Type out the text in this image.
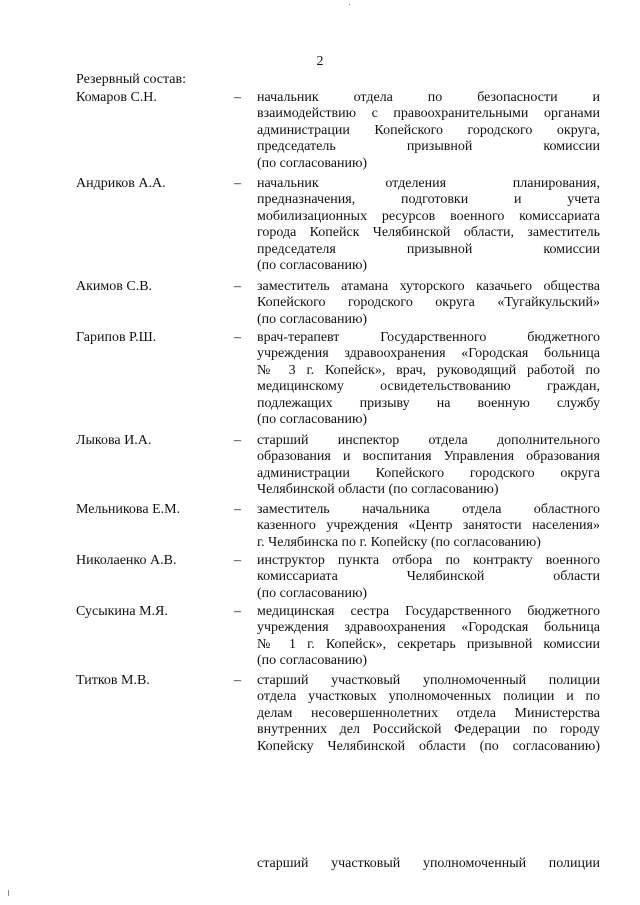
2
Резервный состав:
Комаров С.Н.	– начальник отдела по безопасности и
взаимодействию с правоохранительными органами
администрации Копейского городского округа,
председатель призывной комиссии
(по согласованию)
Андриков А.А.	– начальник отделения планирования,
предназначения, подготовки и учета
мобилизационных ресурсов военного комиссариата
города Копейск Челябинской области, заместитель
председателя призывной комиссии
(по согласованию)
Акимов С.В.	– заместитель атамана хуторского казачьего общества
Копейского городского округа «Тугайкульский»
(по согласованию)
Гарипов Р.Ш.	– врач-терапевт Государственного бюджетного
учреждения здравоохранения «Городская больница
№ 3 г. Копейск», врач, руководящий работой по
медицинскому освидетельствованию граждан,
подлежащих призыву на военную службу
(по согласованию)
Лыкова И.А.	– старший инспектор отдела дополнительного
образования и воспитания Управления образования
администрации Копейского городского округа
Челябинской области (по согласованию)
Мельникова Е.М.	– заместитель начальника отдела областного
казенного учреждения «Центр занятости населения»
г. Челябинска по г. Копейску (по согласованию)
Николаенко А.В.	– инструктор пункта отбора по контракту военного
комиссариата Челябинской области
(по согласованию)
Сусыкина М.Я.	– медицинская сестра Государственного бюджетного
учреждения здравоохранения «Городская больница
№ 1 г. Копейск», секретарь призывной комиссии
(по согласованию)
Титков М.В.	– старший участковый уполномоченный полиции
отдела участковых уполномоченных полиции и по
делам несовершеннолетних отдела Министерства
внутренних дел Российской Федерации по городу
Копейску Челябинской области (по согласованию)
старший участковый уполномоченный полиции
